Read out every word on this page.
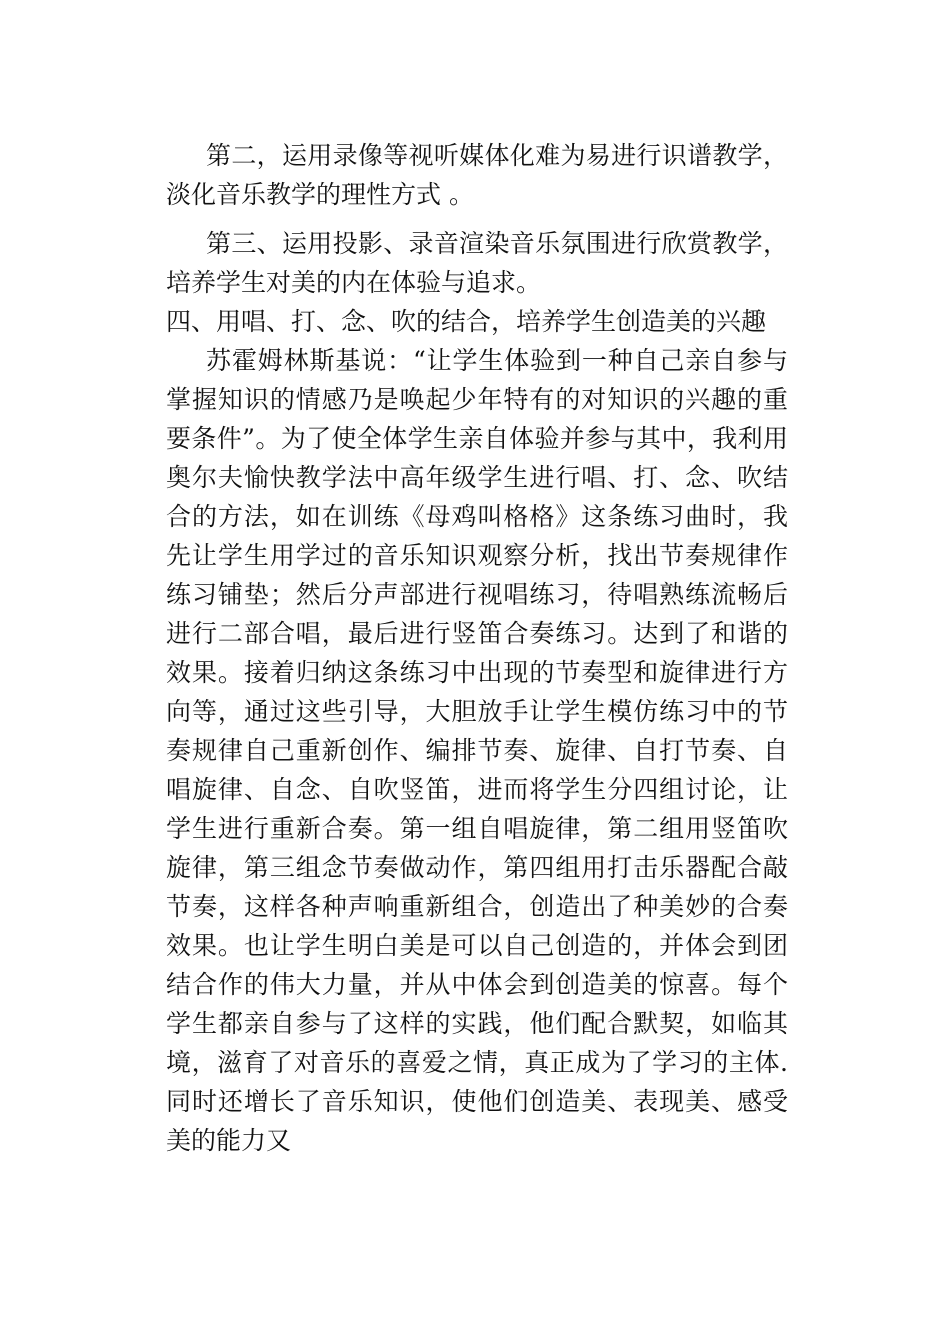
第二，运用录像等视听媒体化难为易进行识谱教学，淡化音乐教学的理性方式 。

第三、运用投影、录音渲染音乐氛围进行欣赏教学，培养学生对美的内在体验与追求。

四、用唱、打、念、吹的结合，培养学生创造美的兴趣

苏霍姆林斯基说：“让学生体验到一种自己亲自参与掌握知识的情感乃是唤起少年特有的对知识的兴趣的重要条件”。为了使全体学生亲自体验并参与其中，我利用奥尔夫愉快教学法中高年级学生进行唱、打、念、吹结合的方法，如在训练《母鸡叫格格》这条练习曲时，我先让学生用学过的音乐知识观察分析，找出节奏规律作练习铺垫；然后分声部进行视唱练习，待唱熟练流畅后进行二部合唱，最后进行竖笛合奏练习。达到了和谐的效果。接着归纳这条练习中出现的节奏型和旋律进行方向等，通过这些引导，大胆放手让学生模仿练习中的节奏规律自己重新创作、编排节奏、旋律、自打节奏、自唱旋律、自念、自吹竖笛，进而将学生分四组讨论，让学生进行重新合奏。第一组自唱旋律，第二组用竖笛吹旋律，第三组念节奏做动作，第四组用打击乐器配合敲节奏，这样各种声响重新组合，创造出了种美妙的合奏效果。也让学生明白美是可以自己创造的，并体会到团结合作的伟大力量，并从中体会到创造美的惊喜。每个学生都亲自参与了这样的实践，他们配合默契，如临其境，滋育了对音乐的喜爱之情，真正成为了学习的主体.同时还增长了音乐知识，使他们创造美、表现美、感受美的能力又
